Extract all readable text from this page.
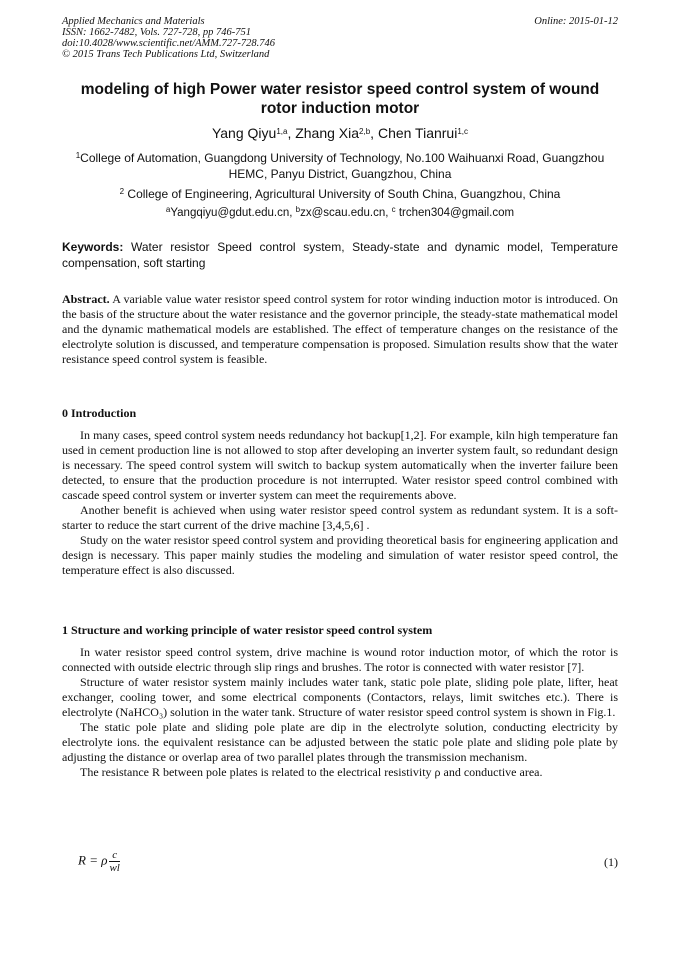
Applied Mechanics and Materials
ISSN: 1662-7482, Vols. 727-728, pp 746-751
doi:10.4028/www.scientific.net/AMM.727-728.746
© 2015 Trans Tech Publications Ltd, Switzerland
Online: 2015-01-12
modeling of high Power water resistor speed control system of wound rotor induction motor
Yang Qiyu$^{1,a}$, Zhang Xia$^{2,b}$, Chen Tianrui$^{1,c}$
$^1$College of Automation, Guangdong University of Technology, No.100 Waihuanxi Road, Guangzhou HEMC, Panyu District, Guangzhou, China
$^2$ College of Engineering, Agricultural University of South China, Guangzhou, China
$^a$Yangqiyu@gdut.edu.cn, $^b$zx@scau.edu.cn, $^c$ trchen304@gmail.com
Keywords: Water resistor Speed control system, Steady-state and dynamic model, Temperature compensation, soft starting

Abstract. A variable value water resistor speed control system for rotor winding induction motor is introduced. On the basis of the structure about the water resistance and the governor principle, the steady-state mathematical model and the dynamic mathematical models are established. The effect of temperature changes on the resistance of the electrolyte solution is discussed, and temperature compensation is proposed. Simulation results show that the water resistance speed control system is feasible.

0 Introduction

In many cases, speed control system needs redundancy hot backup[1,2]. For example, kiln high temperature fan used in cement production line is not allowed to stop after developing an inverter system fault, so redundant design is necessary. The speed control system will switch to backup system automatically when the inverter failure been detected, to ensure that the production procedure is not interrupted. Water resistor speed control combined with cascade speed control system or inverter system can meet the requirements above.

Another benefit is achieved when using water resistor speed control system as redundant system. It is a soft-starter to reduce the start current of the drive machine [3,4,5,6] .

Study on the water resistor speed control system and providing theoretical basis for engineering application and design is necessary. This paper mainly studies the modeling and simulation of water resistor speed control, the temperature effect is also discussed.

1 Structure and working principle of water resistor speed control system

In water resistor speed control system, drive machine is wound rotor induction motor, of which the rotor is connected with outside electric through slip rings and brushes. The rotor is connected with water resistor [7].

Structure of water resistor system mainly includes water tank, static pole plate, sliding pole plate, lifter, heat exchanger, cooling tower, and some electrical components (Contactors, relays, limit switches etc.). There is electrolyte (NaHCO₃) solution in the water tank. Structure of water resistor speed control system is shown in Fig.1.

The static pole plate and sliding pole plate are dip in the electrolyte solution, conducting electricity by electrolyte ions. the equivalent resistance can be adjusted between the static pole plate and sliding pole plate by adjusting the distance or overlap area of two parallel plates through the transmission mechanism.

The resistance R between pole plates is related to the electrical resistivity ρ and conductive area.

R = ρ $\frac{c}{wl}$	(1)
